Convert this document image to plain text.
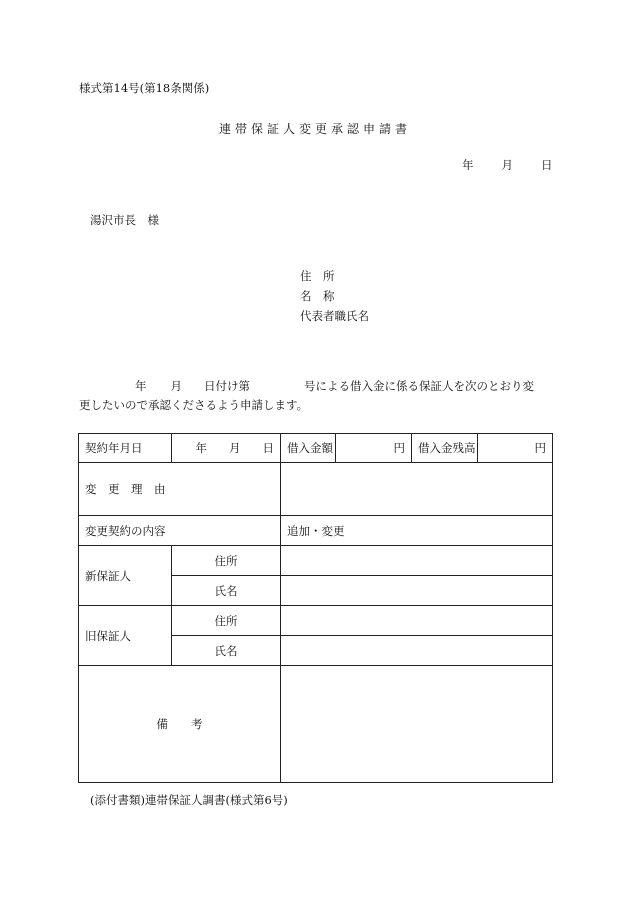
様式第14号(第18条関係)
連帯保証人変更承認申請書
年 月 日
湯沢市長　様
住　所
名　称
代表者職氏名
年 月 日付け第	号による借入金に係る保証人を次のとおり変
更したいので承認くださるよう申請します。
契約年月日	年 月 日	借入金額	円	借入金残高	円
変　更　理　由					
変更契約の内容		追加・変更			
新保証人	住所				
	氏名				
旧保証人	住所				
	氏名				
備　　考					
(添付書類)連帯保証人調書(様式第6号)
